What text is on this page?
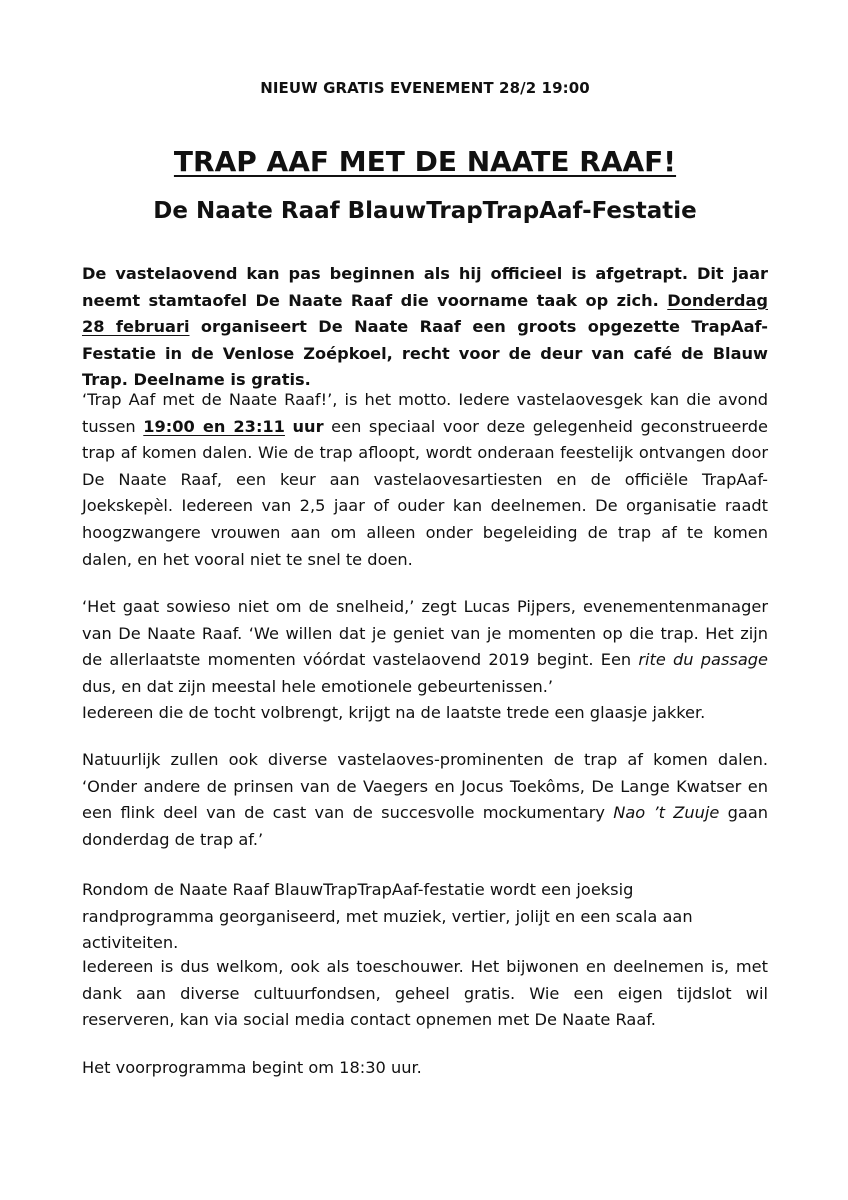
NIEUW GRATIS EVENEMENT 28/2 19:00
TRAP AAF MET DE NAATE RAAF!
De Naate Raaf BlauwTrapTrapAaf-Festatie

De vastelaovend kan pas beginnen als hij officieel is afgetrapt. Dit jaar neemt stamtaofel De Naate Raaf die voorname taak op zich. Donderdag 28 februari organiseert De Naate Raaf een groots opgezette TrapAaf-Festatie in de Venlose Zoépkoel, recht voor de deur van café de Blauw Trap. Deelname is gratis.

‘Trap Aaf met de Naate Raaf!’, is het motto. Iedere vastelaovesgek kan die avond tussen 19:00 en 23:11 uur een speciaal voor deze gelegenheid geconstrueerde trap af komen dalen. Wie de trap afloopt, wordt onderaan feestelijk ontvangen door De Naate Raaf, een keur aan vastelaovesartiesten en de officiële TrapAaf-Joekskepèl. Iedereen van 2,5 jaar of ouder kan deelnemen. De organisatie raadt hoogzwangere vrouwen aan om alleen onder begeleiding de trap af te komen dalen, en het vooral niet te snel te doen.

‘Het gaat sowieso niet om de snelheid,’ zegt Lucas Pijpers, evenementenmanager van De Naate Raaf. ‘We willen dat je geniet van je momenten op die trap. Het zijn de allerlaatste momenten vóórdat vastelaovend 2019 begint. Een rite du passage dus, en dat zijn meestal hele emotionele gebeurtenissen.’
Iedereen die de tocht volbrengt, krijgt na de laatste trede een glaasje jakker.

Natuurlijk zullen ook diverse vastelaoves-prominenten de trap af komen dalen. ‘Onder andere de prinsen van de Vaegers en Jocus Toekôms, De Lange Kwatser en een flink deel van de cast van de succesvolle mockumentary Nao ’t Zuuje gaan donderdag de trap af.’

Rondom de Naate Raaf BlauwTrapTrapAaf-festatie wordt een joeksig randprogramma georganiseerd, met muziek, vertier, jolijt en een scala aan activiteiten.

Iedereen is dus welkom, ook als toeschouwer. Het bijwonen en deelnemen is, met dank aan diverse cultuurfondsen, geheel gratis. Wie een eigen tijdslot wil reserveren, kan via social media contact opnemen met De Naate Raaf.

Het voorprogramma begint om 18:30 uur.
